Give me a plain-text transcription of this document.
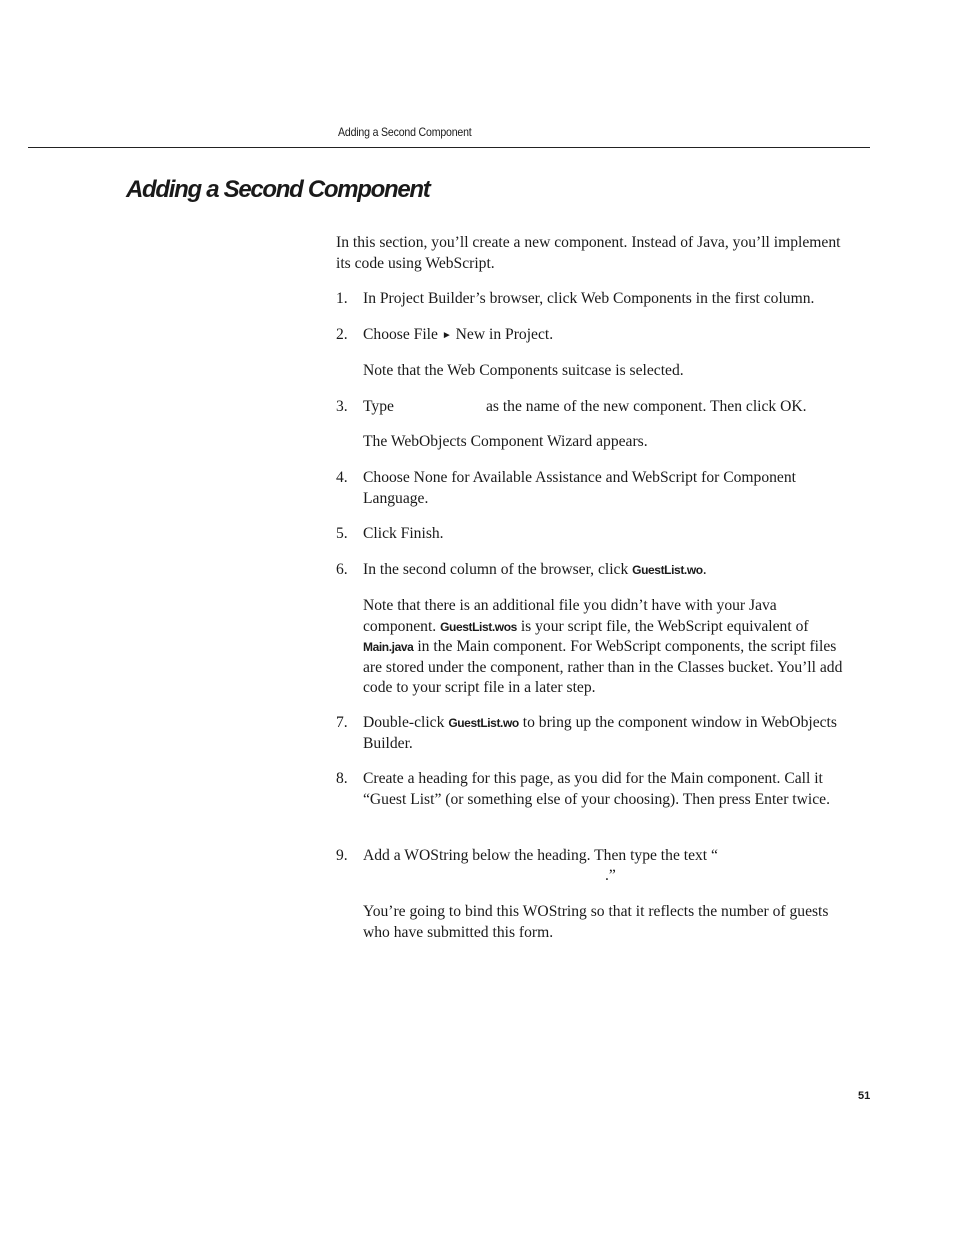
Adding a Second Component
Adding a Second Component

In this section, you’ll create a new component. Instead of Java, you’ll implement its code using WebScript.

1. In Project Builder’s browser, click Web Components in the first column.

2. Choose File ► New in Project.

Note that the Web Components suitcase is selected.

3. Type	as the name of the new component. Then click OK.

The WebObjects Component Wizard appears.

4. Choose None for Available Assistance and WebScript for Component Language.

5. Click Finish.

6. In the second column of the browser, click GuestList.wo.

Note that there is an additional file you didn’t have with your Java component. GuestList.wos is your script file, the WebScript equivalent of Main.java in the Main component. For WebScript components, the script files are stored under the component, rather than in the Classes bucket. You’ll add code to your script file in a later step.

7. Double-click GuestList.wo to bring up the component window in WebObjects Builder.

8. Create a heading for this page, as you did for the Main component. Call it “Guest List” (or something else of your choosing). Then press Enter twice.

9. Add a WOString below the heading. Then type the text “

.”

You’re going to bind this WOString so that it reflects the number of guests who have submitted this form.

51
